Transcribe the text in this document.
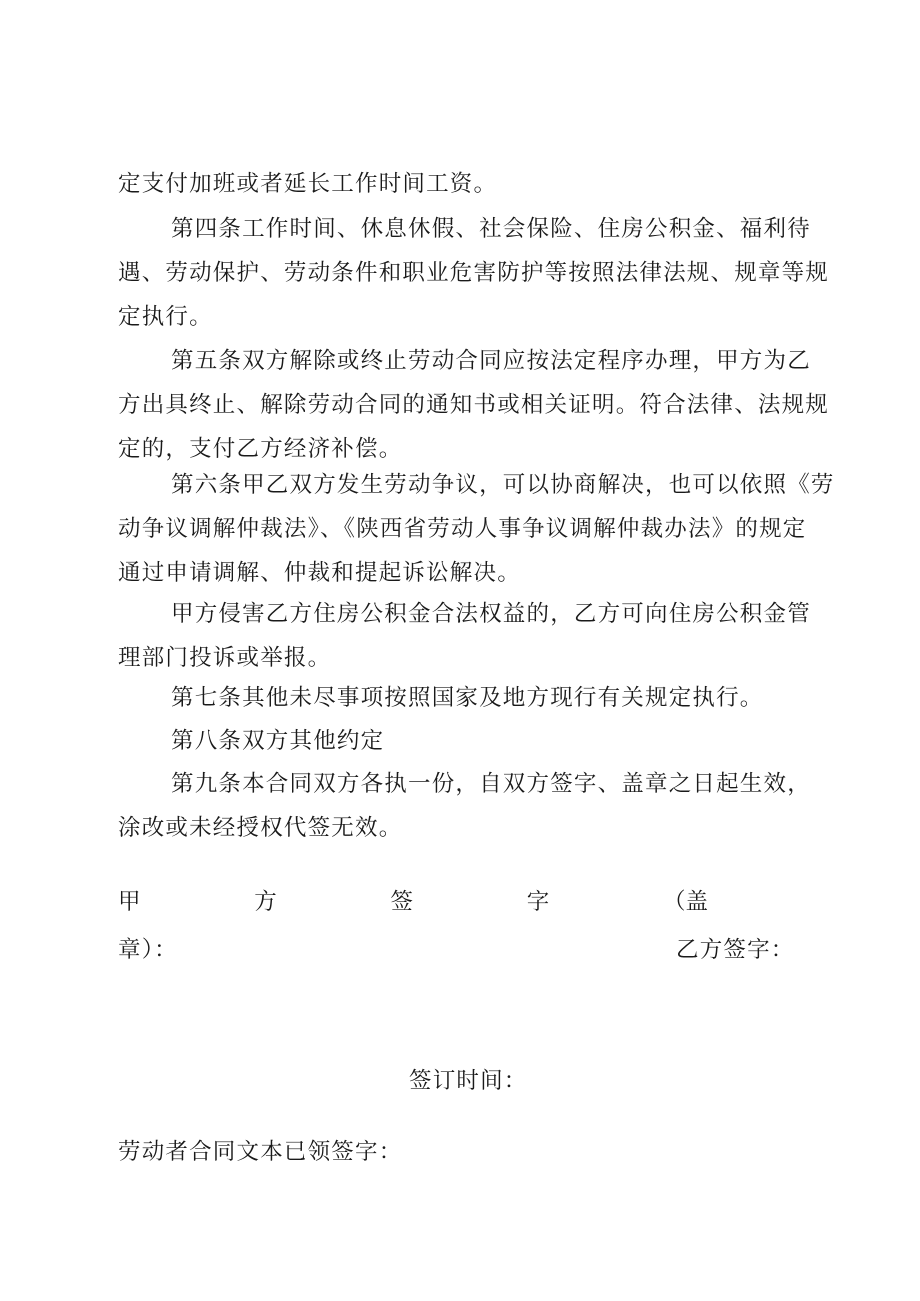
定支付加班或者延长工作时间工资。

第四条工作时间、休息休假、社会保险、住房公积金、福利待
遇、劳动保护、劳动条件和职业危害防护等按照法律法规、规章等规
定执行。

第五条双方解除或终止劳动合同应按法定程序办理，甲方为乙
方出具终止、解除劳动合同的通知书或相关证明。符合法律、法规规
定的，支付乙方经济补偿。

第六条甲乙双方发生劳动争议，可以协商解决，也可以依照《劳
动争议调解仲裁法》、《陕西省劳动人事争议调解仲裁办法》的规定
通过申请调解、仲裁和提起诉讼解决。

甲方侵害乙方住房公积金合法权益的，乙方可向住房公积金管
理部门投诉或举报。

第七条其他未尽事项按照国家及地方现行有关规定执行。

第八条双方其他约定

第九条本合同双方各执一份，自双方签字、盖章之日起生效，
涂改或未经授权代签无效。

甲	方	签	字	（盖
章）：	乙方签字：
签订时间：
劳动者合同文本已领签字：
